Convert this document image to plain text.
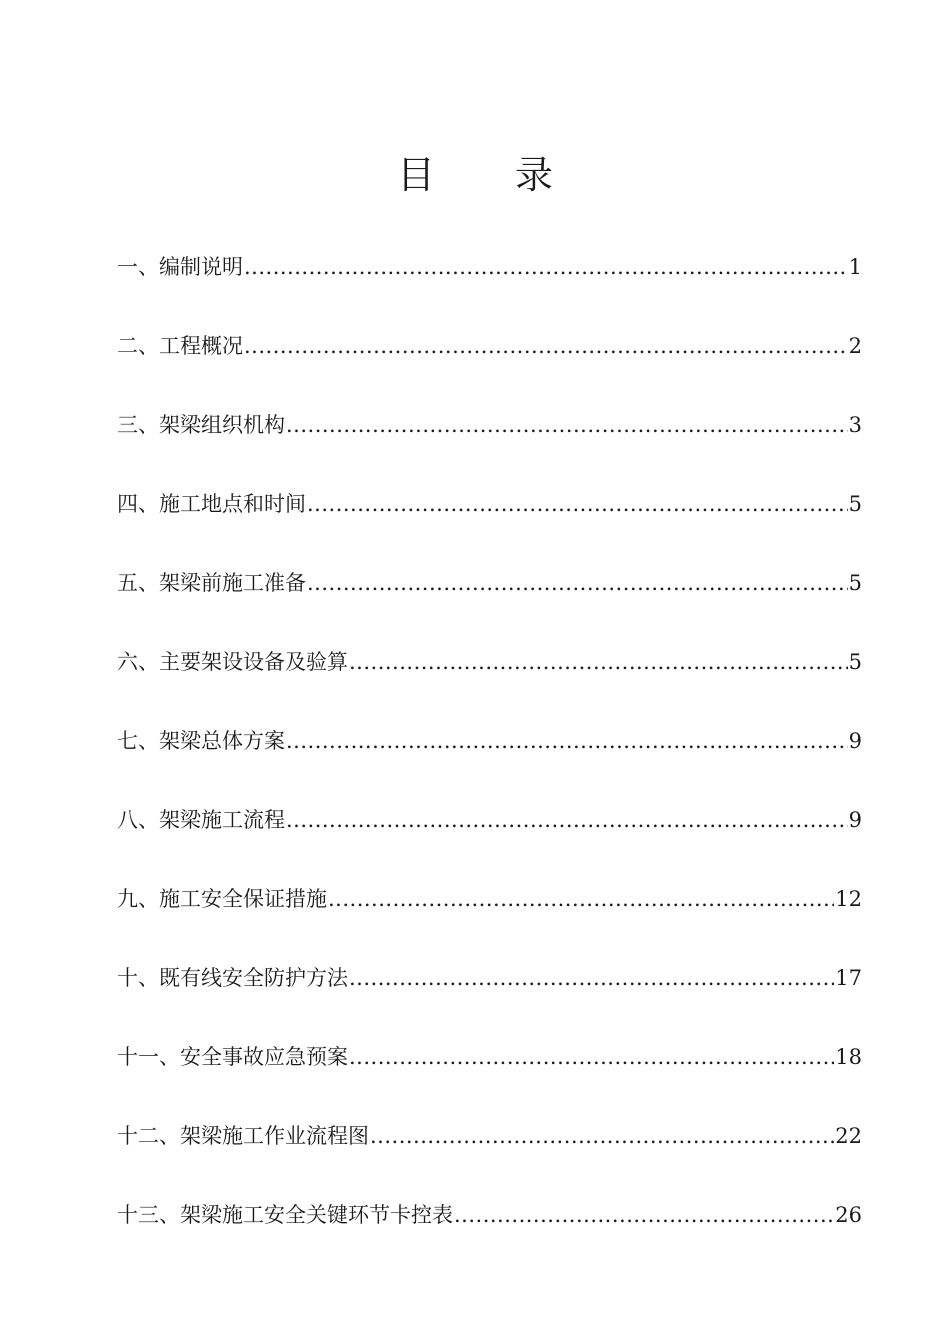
目 录
一、编制说明 .....	1
二、工程概况 .....	2
三、架梁组织机构 .....	3
四、施工地点和时间 .....	5
五、架梁前施工准备 .....	5
六、主要架设设备及验算 .....	5
七、架梁总体方案 .....	9
八、架梁施工流程 .....	9
九、施工安全保证措施 .....	12
十、既有线安全防护方法 .....	17
十一、安全事故应急预案 .....	18
十二、架梁施工作业流程图 .....	22
十三、架梁施工安全关键环节卡控表 .....	26
